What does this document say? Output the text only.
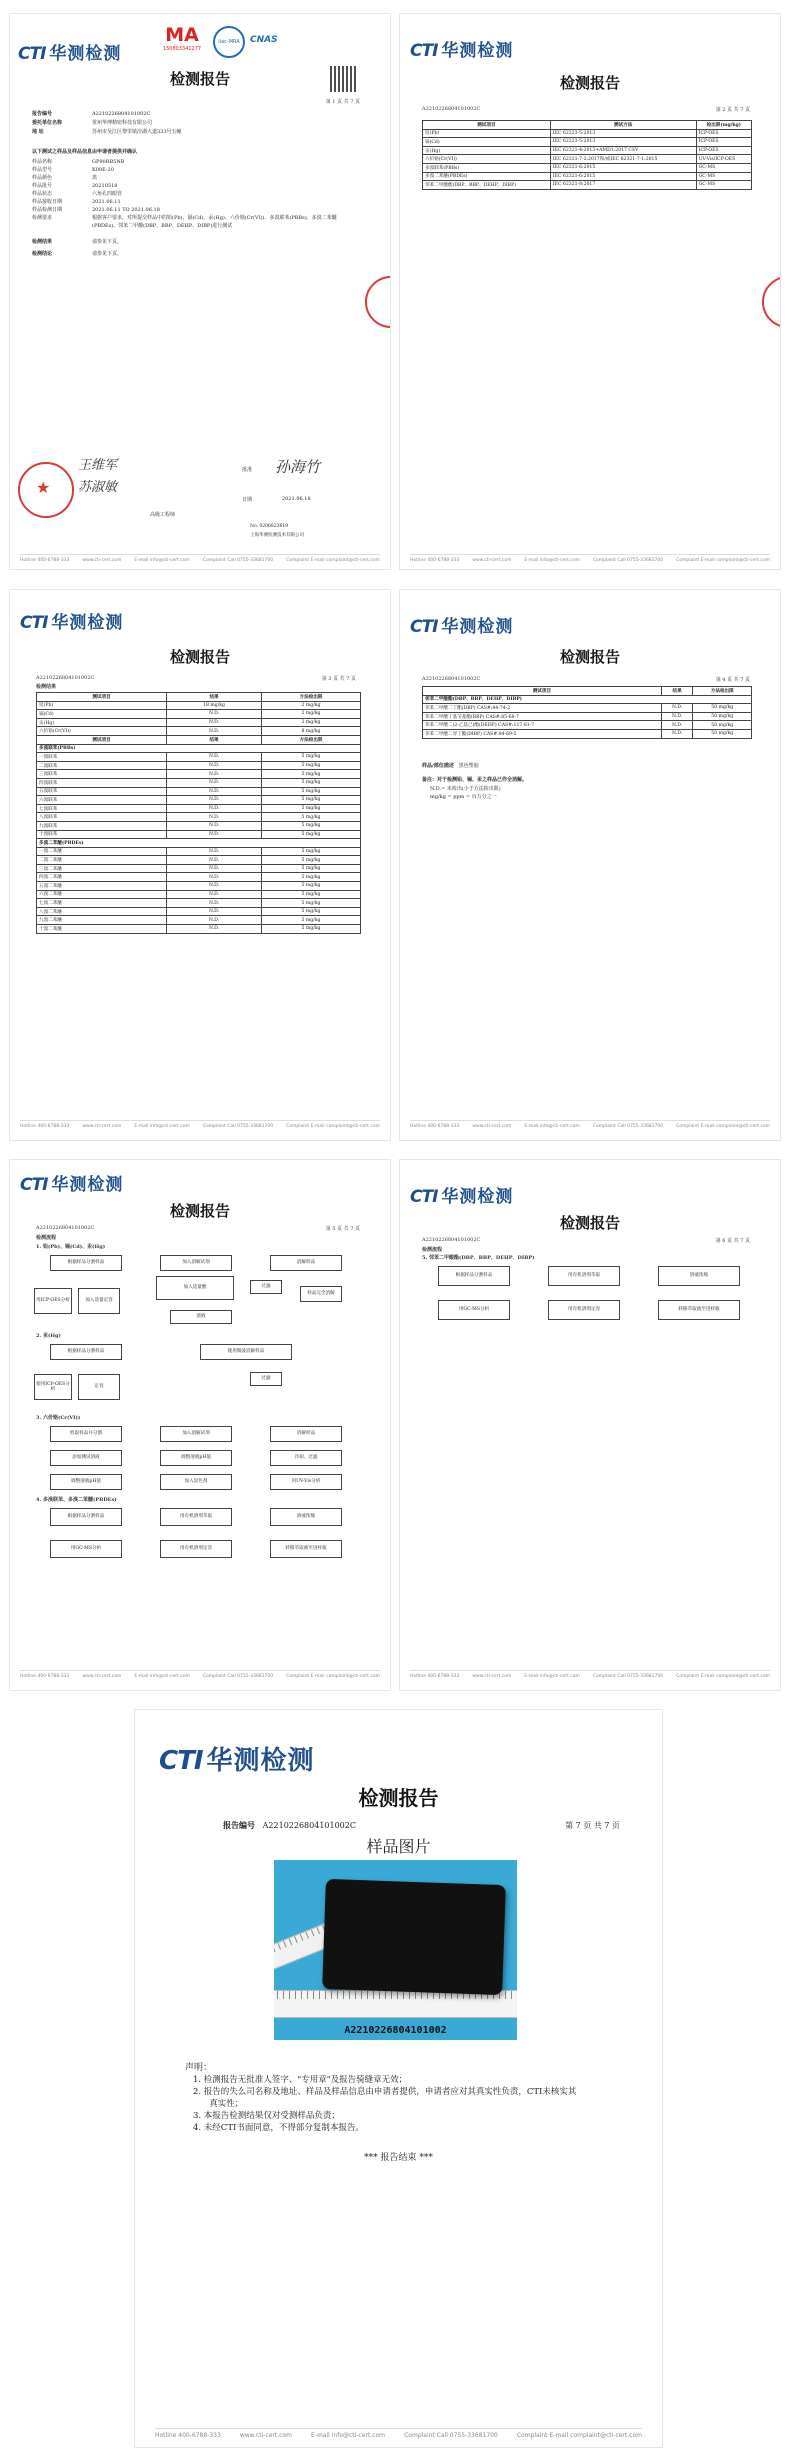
CTI 华测检测
MA
150803341277
ilac-MRA	CNAS
检测报告
第 1 页 共 7 页
报告编号	A2210226804101002C
委托单位名称	常州华博精密科技有限公司
地 址	苏州市吴江区黎里镇汾湖大道333号五幢
以下测试之样品及样品信息由申请者提供并确认
样品名称	GP90RB5NB
样品型号	K09E-20
样品颜色	黑
样品批号	20210518
样品状态	六角孔四眼管
样品接收日期	2021.06.11
样品检测日期	2021.06.11 TO 2021.06.18
检测要求	根据客户要求，对所提交样品中的铅(Pb)、镉(Cd)、汞(Hg)、六价铬(Cr(VI))、多溴联苯(PBBs)、多溴二苯醚(PBDEs)、邻苯二甲酸(DBP、BBP、DEHP、DIBP)进行测试
检测结果	请参见下页。
检测结论	请参见下页。
★
王维军
苏淑敏
孙海竹
批准
日期	2021.06.18
高级工程师
No. 0206823619
上海华测检测技术有限公司
Hotline 400-6788-333	www.cti-cert.com	E-mail info@cti-cert.com	Complaint Call 0755-33681700	Complaint E-mail complaint@cti-cert.com
CTI 华测检测
检测报告
A2210226804101002C	第 2 页 共 7 页
测试项目	测试方法	检出限(mg/kg)
铅(Pb)	IEC 62321-5:2013	ICP-OES
镉(Cd)	IEC 62321-5:2013	ICP-OES
汞(Hg)	IEC 62321-4:2013+AMD1:2017 CSV	ICP-OES
六价铬(Cr(VI))	IEC 62321-7-2:2017和/或IEC 62321-7-1:2015	UV-Vis/ICP-OES
多溴联苯(PBBs)	IEC 62321-6:2015	GC-MS
多溴二苯醚(PBDEs)	IEC 62321-6:2015	GC-MS
邻苯二甲酸酯(DBP、BBP、DEHP、DIBP)	IEC 62321-8:2017	GC-MS
Hotline 400-6788-333	www.cti-cert.com	E-mail info@cti-cert.com	Complaint Call 0755-33681700	Complaint E-mail complaint@cti-cert.com
CTI 华测检测
检测报告
A2210226804101002C	第 3 页 共 7 页
检测结果
测试项目	结果	方法检出限
铅(Pb)	18 mg/kg	2 mg/kg
镉(Cd)	N.D.	2 mg/kg
汞(Hg)	N.D.	2 mg/kg
六价铬(Cr(VI))	N.D.	8 mg/kg
测试项目	结果	方法检出限
多溴联苯(PBBs)		
一溴联苯	N.D.	5 mg/kg
二溴联苯	N.D.	5 mg/kg
三溴联苯	N.D.	5 mg/kg
四溴联苯	N.D.	5 mg/kg
五溴联苯	N.D.	5 mg/kg
六溴联苯	N.D.	5 mg/kg
七溴联苯	N.D.	5 mg/kg
八溴联苯	N.D.	5 mg/kg
九溴联苯	N.D.	5 mg/kg
十溴联苯	N.D.	5 mg/kg
多溴二苯醚(PBDEs)		
一溴二苯醚	N.D.	5 mg/kg
二溴二苯醚	N.D.	5 mg/kg
三溴二苯醚	N.D.	5 mg/kg
四溴二苯醚	N.D.	5 mg/kg
五溴二苯醚	N.D.	5 mg/kg
六溴二苯醚	N.D.	5 mg/kg
七溴二苯醚	N.D.	5 mg/kg
八溴二苯醚	N.D.	5 mg/kg
九溴二苯醚	N.D.	5 mg/kg
十溴二苯醚	N.D.	5 mg/kg
Hotline 400-6788-333	www.cti-cert.com	E-mail info@cti-cert.com	Complaint Call 0755-33681700	Complaint E-mail complaint@cti-cert.com
CTI 华测检测
检测报告
A2210226804101002C	第 4 页 共 7 页
测试项目	结果	方法检出限
邻苯二甲酸酯(DBP、BBP、DEHP、DIBP)		
邻苯二甲酸二丁酯(DBP) CAS#:84-74-2	N.D.	50 mg/kg
邻苯二甲酸丁基苄基酯(BBP) CAS#:85-68-7	N.D.	50 mg/kg
邻苯二甲酸二(2-乙基己)酯(DEHP) CAS#:117-81-7	N.D.	50 mg/kg
邻苯二甲酸二异丁酯(DIBP) CAS#:84-69-5	N.D.	50 mg/kg
样品/部位描述 黑色塑胶
备注：对于检测铅、镉、汞之样品已作全消解。
N.D.= 未检出(小于方法检出限)
mg/kg = ppm = 百万分之一
Hotline 400-6788-333	www.cti-cert.com	E-mail info@cti-cert.com	Complaint Call 0755-33681700	Complaint E-mail complaint@cti-cert.com
CTI 华测检测
检测报告
A2210226804101002C	第 5 页 共 7 页
检测流程
1. 铅(Pb)、镉(Cd)、汞(Hg)
根据样品分割样品	加入消解试剂	消解样品
用ICP-OES分析	加入适量定容
加入适量酸	过滤
样品完全消解
溶液
2. 汞(Hg)
根据样品分割样品	使用微波消解样品
使用ICP-OES分析
定容
过滤
3. 六价铬(Cr(VI))
剪取样品并分割	加入消解试剂	消解样品
添加测试溶液	调整溶液pH值	冷却、过滤
调整溶液pH值	加入显色剂	用UV-Vis分析
4. 多溴联苯、多溴二苯醚(PBDEs)
根据样品分割样品	用有机溶剂萃取	溶液浓缩
用GC-MS分析	用有机溶剂定容	转移萃取液至进样瓶
Hotline 400-6788-333	www.cti-cert.com	E-mail info@cti-cert.com	Complaint Call 0755-33681700	Complaint E-mail complaint@cti-cert.com
CTI 华测检测
检测报告
A2210226804101002C	第 6 页 共 7 页
检测流程
5. 邻苯二甲酸酯(DBP、BBP、DEHP、DIBP)
根据样品分割样品	用有机溶剂萃取	溶液浓缩
用GC-MS分析	用有机溶剂定容	转移萃取液至进样瓶
Hotline 400-6788-333	www.cti-cert.com	E-mail info@cti-cert.com	Complaint Call 0755-33681700	Complaint E-mail complaint@cti-cert.com
CTI 华测检测
检测报告
报告编号 A2210226804101002C	第 7 页 共 7 页
样品图片
A2210226804101002
声明：
1. 检测报告无批准人签字、"专用章"及报告骑缝章无效；
2. 报告的失么司名称及地址、样品及样品信息由申请者提供，申请者应对其真实性负责，CTI未核实其
真实性；
3. 本报告检测结果仅对受测样品负责；
4. 未经CTI书面同意，不得部分复制本报告。
*** 报告结束 ***
Hotline 400-6788-333	www.cti-cert.com	E-mail info@cti-cert.com	Complaint Call 0755-33681700	Complaint E-mail complaint@cti-cert.com
